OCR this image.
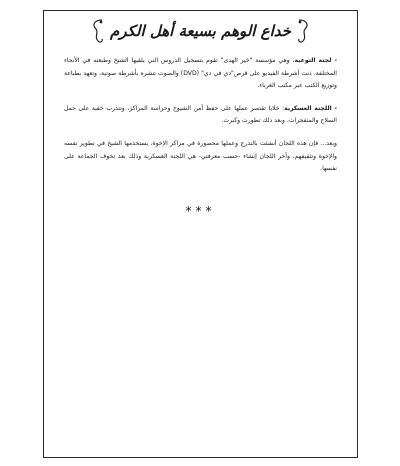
خداع الوهم بسيعة أهل الكرم

- لجنة التوعية، وهي مؤسسة "خير الهدى" تقوم بتسجيل الدروس التي يلقيها الشيخ وطبعته في الأنحاء المختلفة، ذنت أشرطة الفيديو على قرص"دي في دي" (DVD) والصوت تنشره بأشرطة صوتية، وتعهد بطباعة وتوزيع الكتب عبر مكتب الغرباء.

- اللجنة العسكرية: خلايا تقتصر عملها على حفظ أمن الشيوخ وحراسة المراكز، وتتدرب خفية على حمل السلاح والمتفجرات، وبعد ذلك تطورت وكبرت.

وبعد... فإن هذه اللجان أنشئت بالتدرج وعملها محصورة في مراكز الإخوة، يستخدمها الشيخ في تطوير نفسه والإخوة وتثقيفهم، وآخر اللجان إنشاء -حسب معرفتي- هي اللجنة العسكرية وذلك بعد تخوف الجماعة على نفسها.

***
